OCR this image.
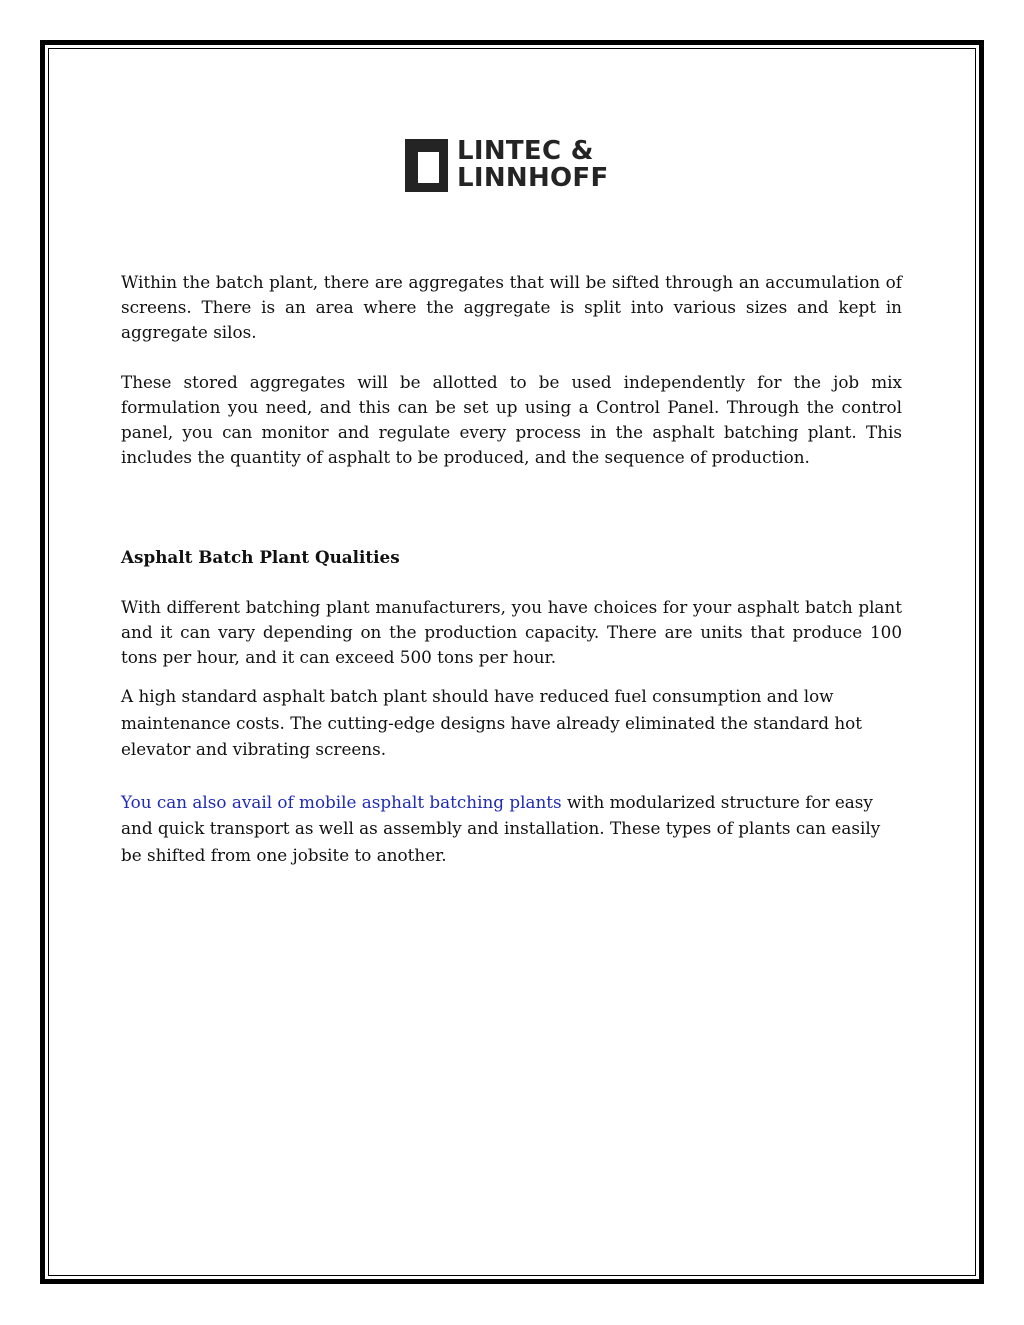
LINTEC &
LINNHOFF

Within the batch plant, there are aggregates that will be sifted through an accumulation of screens. There is an area where the aggregate is split into various sizes and kept in aggregate silos.

These stored aggregates will be allotted to be used independently for the job mix formulation you need, and this can be set up using a Control Panel. Through the control panel, you can monitor and regulate every process in the asphalt batching plant. This includes the quantity of asphalt to be produced, and the sequence of production.

Asphalt Batch Plant Qualities

With different batching plant manufacturers, you have choices for your asphalt batch plant and it can vary depending on the production capacity. There are units that produce 100 tons per hour, and it can exceed 500 tons per hour.

A high standard asphalt batch plant should have reduced fuel consumption and low maintenance costs. The cutting-edge designs have already eliminated the standard hot elevator and vibrating screens.

You can also avail of mobile asphalt batching plants with modularized structure for easy and quick transport as well as assembly and installation. These types of plants can easily be shifted from one jobsite to another.
